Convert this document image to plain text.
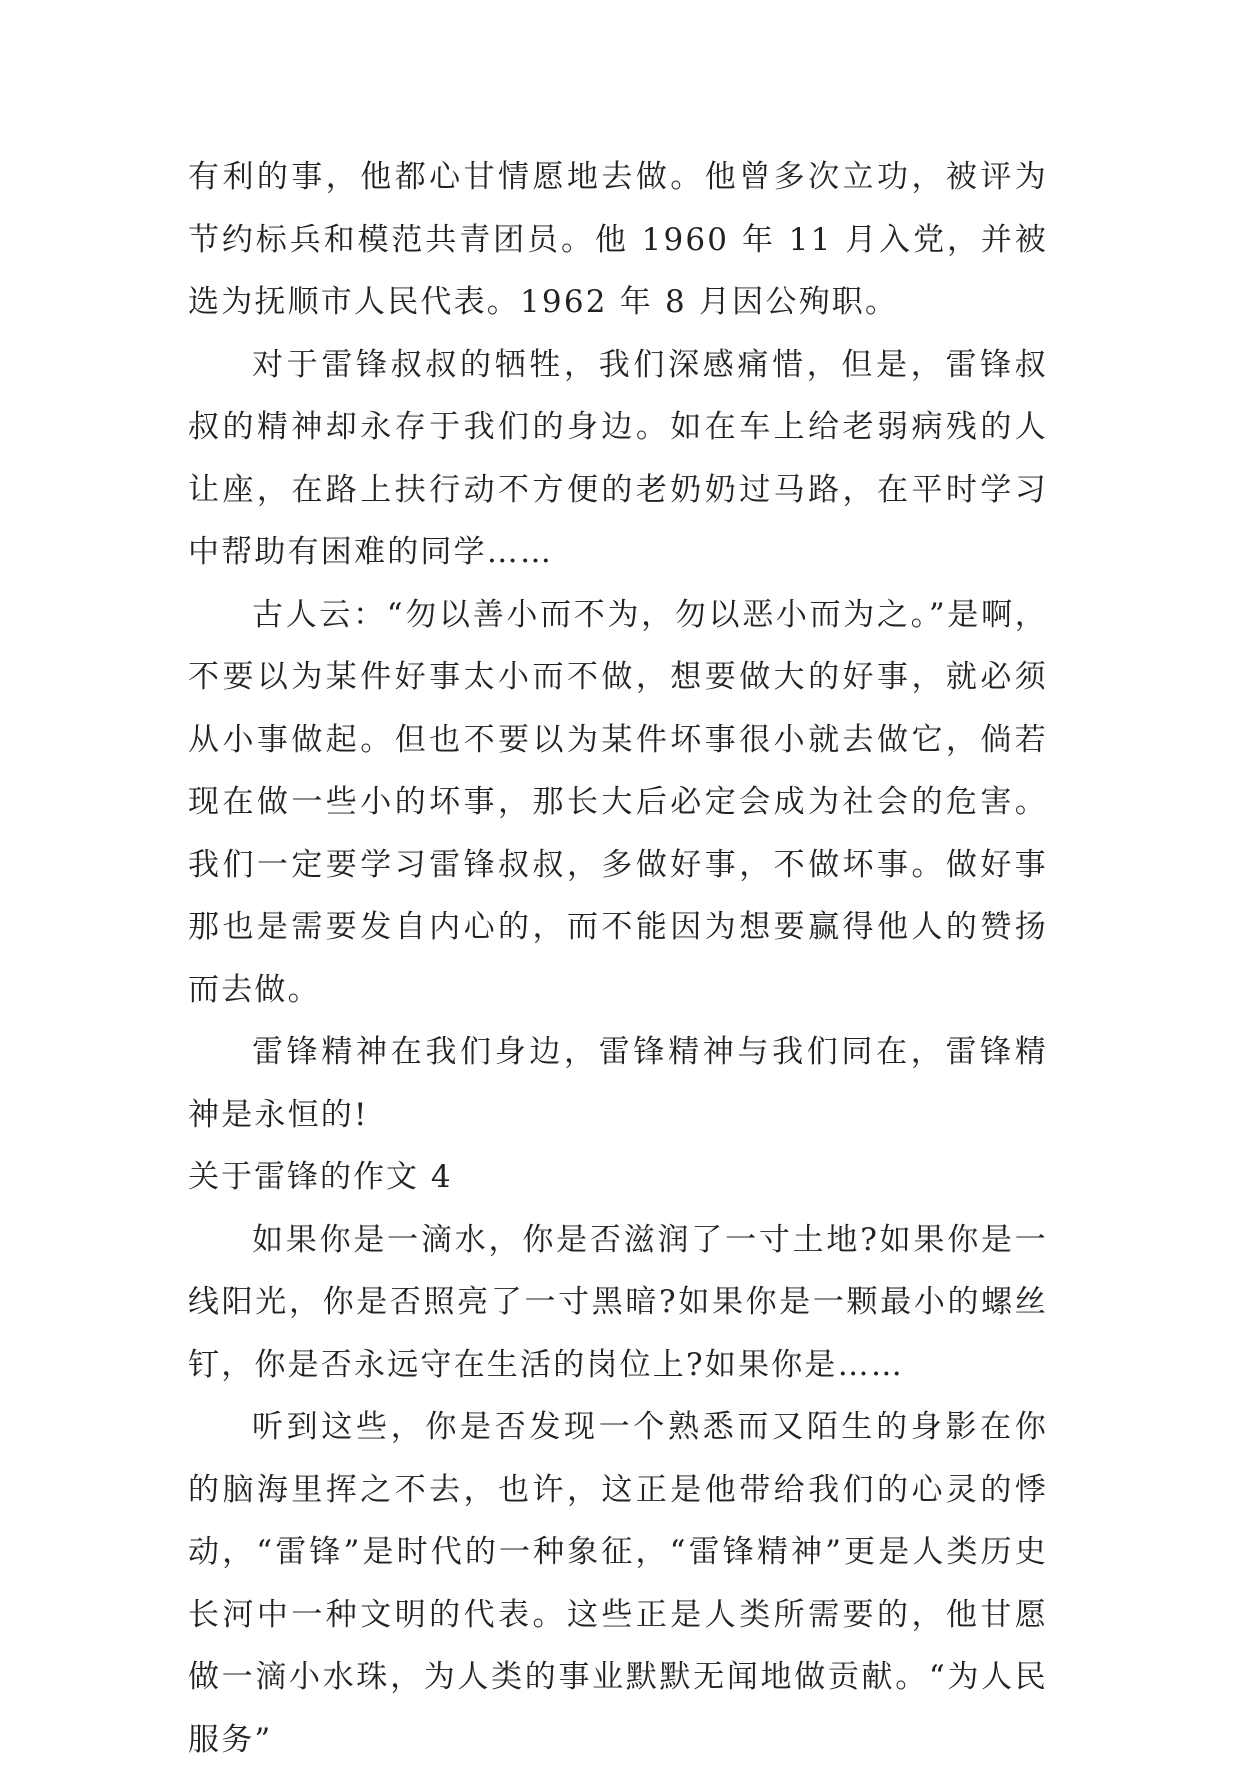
有利的事，他都心甘情愿地去做。他曾多次立功，被评为节约标兵和模范共青团员。他 1960 年 11 月入党，并被选为抚顺市人民代表。1962 年 8 月因公殉职。

对于雷锋叔叔的牺牲，我们深感痛惜，但是，雷锋叔叔的精神却永存于我们的身边。如在车上给老弱病残的人让座，在路上扶行动不方便的老奶奶过马路，在平时学习中帮助有困难的同学……

古人云：“勿以善小而不为，勿以恶小而为之。”是啊，不要以为某件好事太小而不做，想要做大的好事，就必须从小事做起。但也不要以为某件坏事很小就去做它，倘若现在做一些小的坏事，那长大后必定会成为社会的危害。我们一定要学习雷锋叔叔，多做好事，不做坏事。做好事那也是需要发自内心的，而不能因为想要赢得他人的赞扬而去做。

雷锋精神在我们身边，雷锋精神与我们同在，雷锋精神是永恒的!

关于雷锋的作文 4

如果你是一滴水，你是否滋润了一寸土地?如果你是一线阳光，你是否照亮了一寸黑暗?如果你是一颗最小的螺丝钉，你是否永远守在生活的岗位上?如果你是……

听到这些，你是否发现一个熟悉而又陌生的身影在你的脑海里挥之不去，也许，这正是他带给我们的心灵的悸动，“雷锋”是时代的一种象征，“雷锋精神”更是人类历史长河中一种文明的代表。这些正是人类所需要的，他甘愿做一滴小水珠，为人类的事业默默无闻地做贡献。“为人民服务”
